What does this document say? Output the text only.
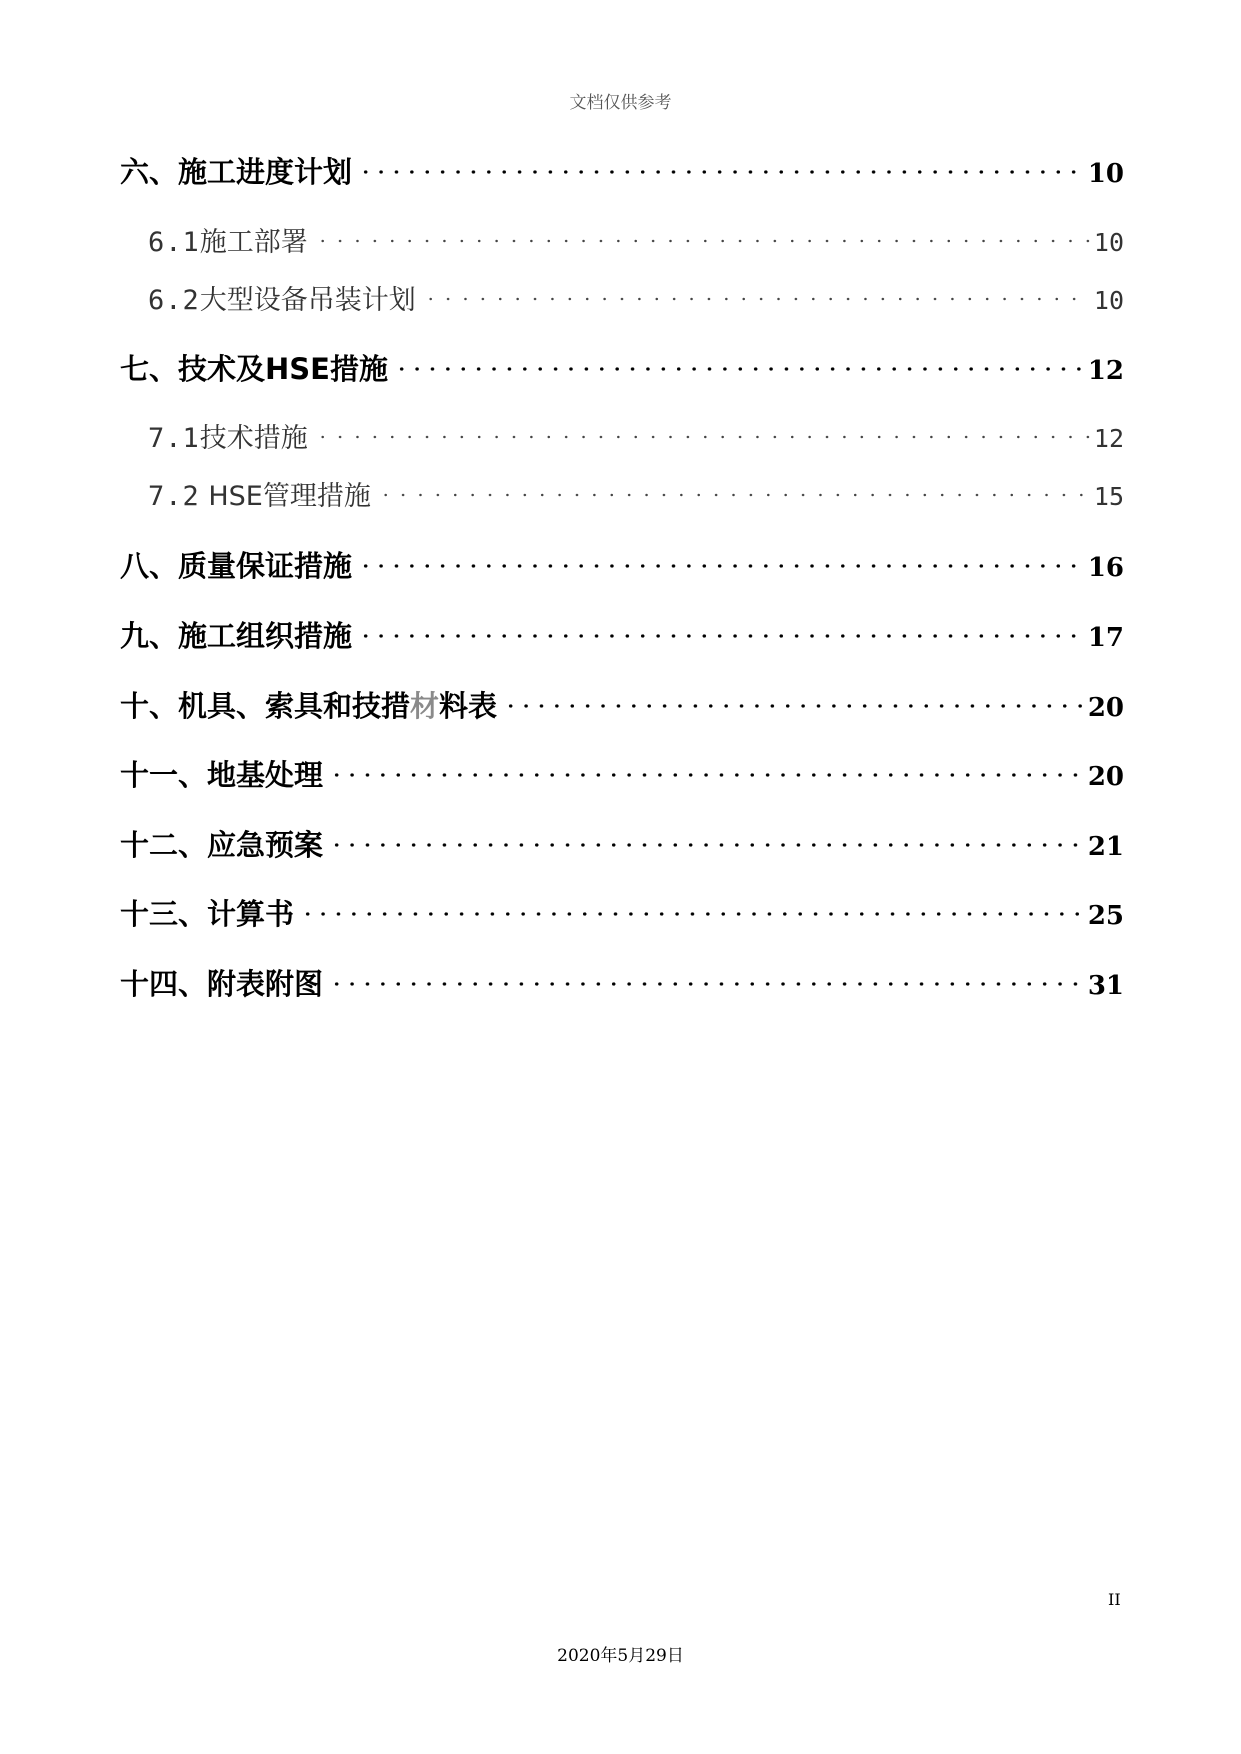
文档仅供参考
六、施工进度计划	10
6.1施工部署	10
6.2大型设备吊装计划	10
七、技术及HSE措施	12
7.1技术措施	12
7.2 HSE管理措施	15
八、质量保证措施	16
九、施工组织措施	17
十、机具、索具和技措材料表	20
十一、地基处理	20
十二、应急预案	21
十三、计算书	25
十四、附表附图	31
II
2020年5月29日
